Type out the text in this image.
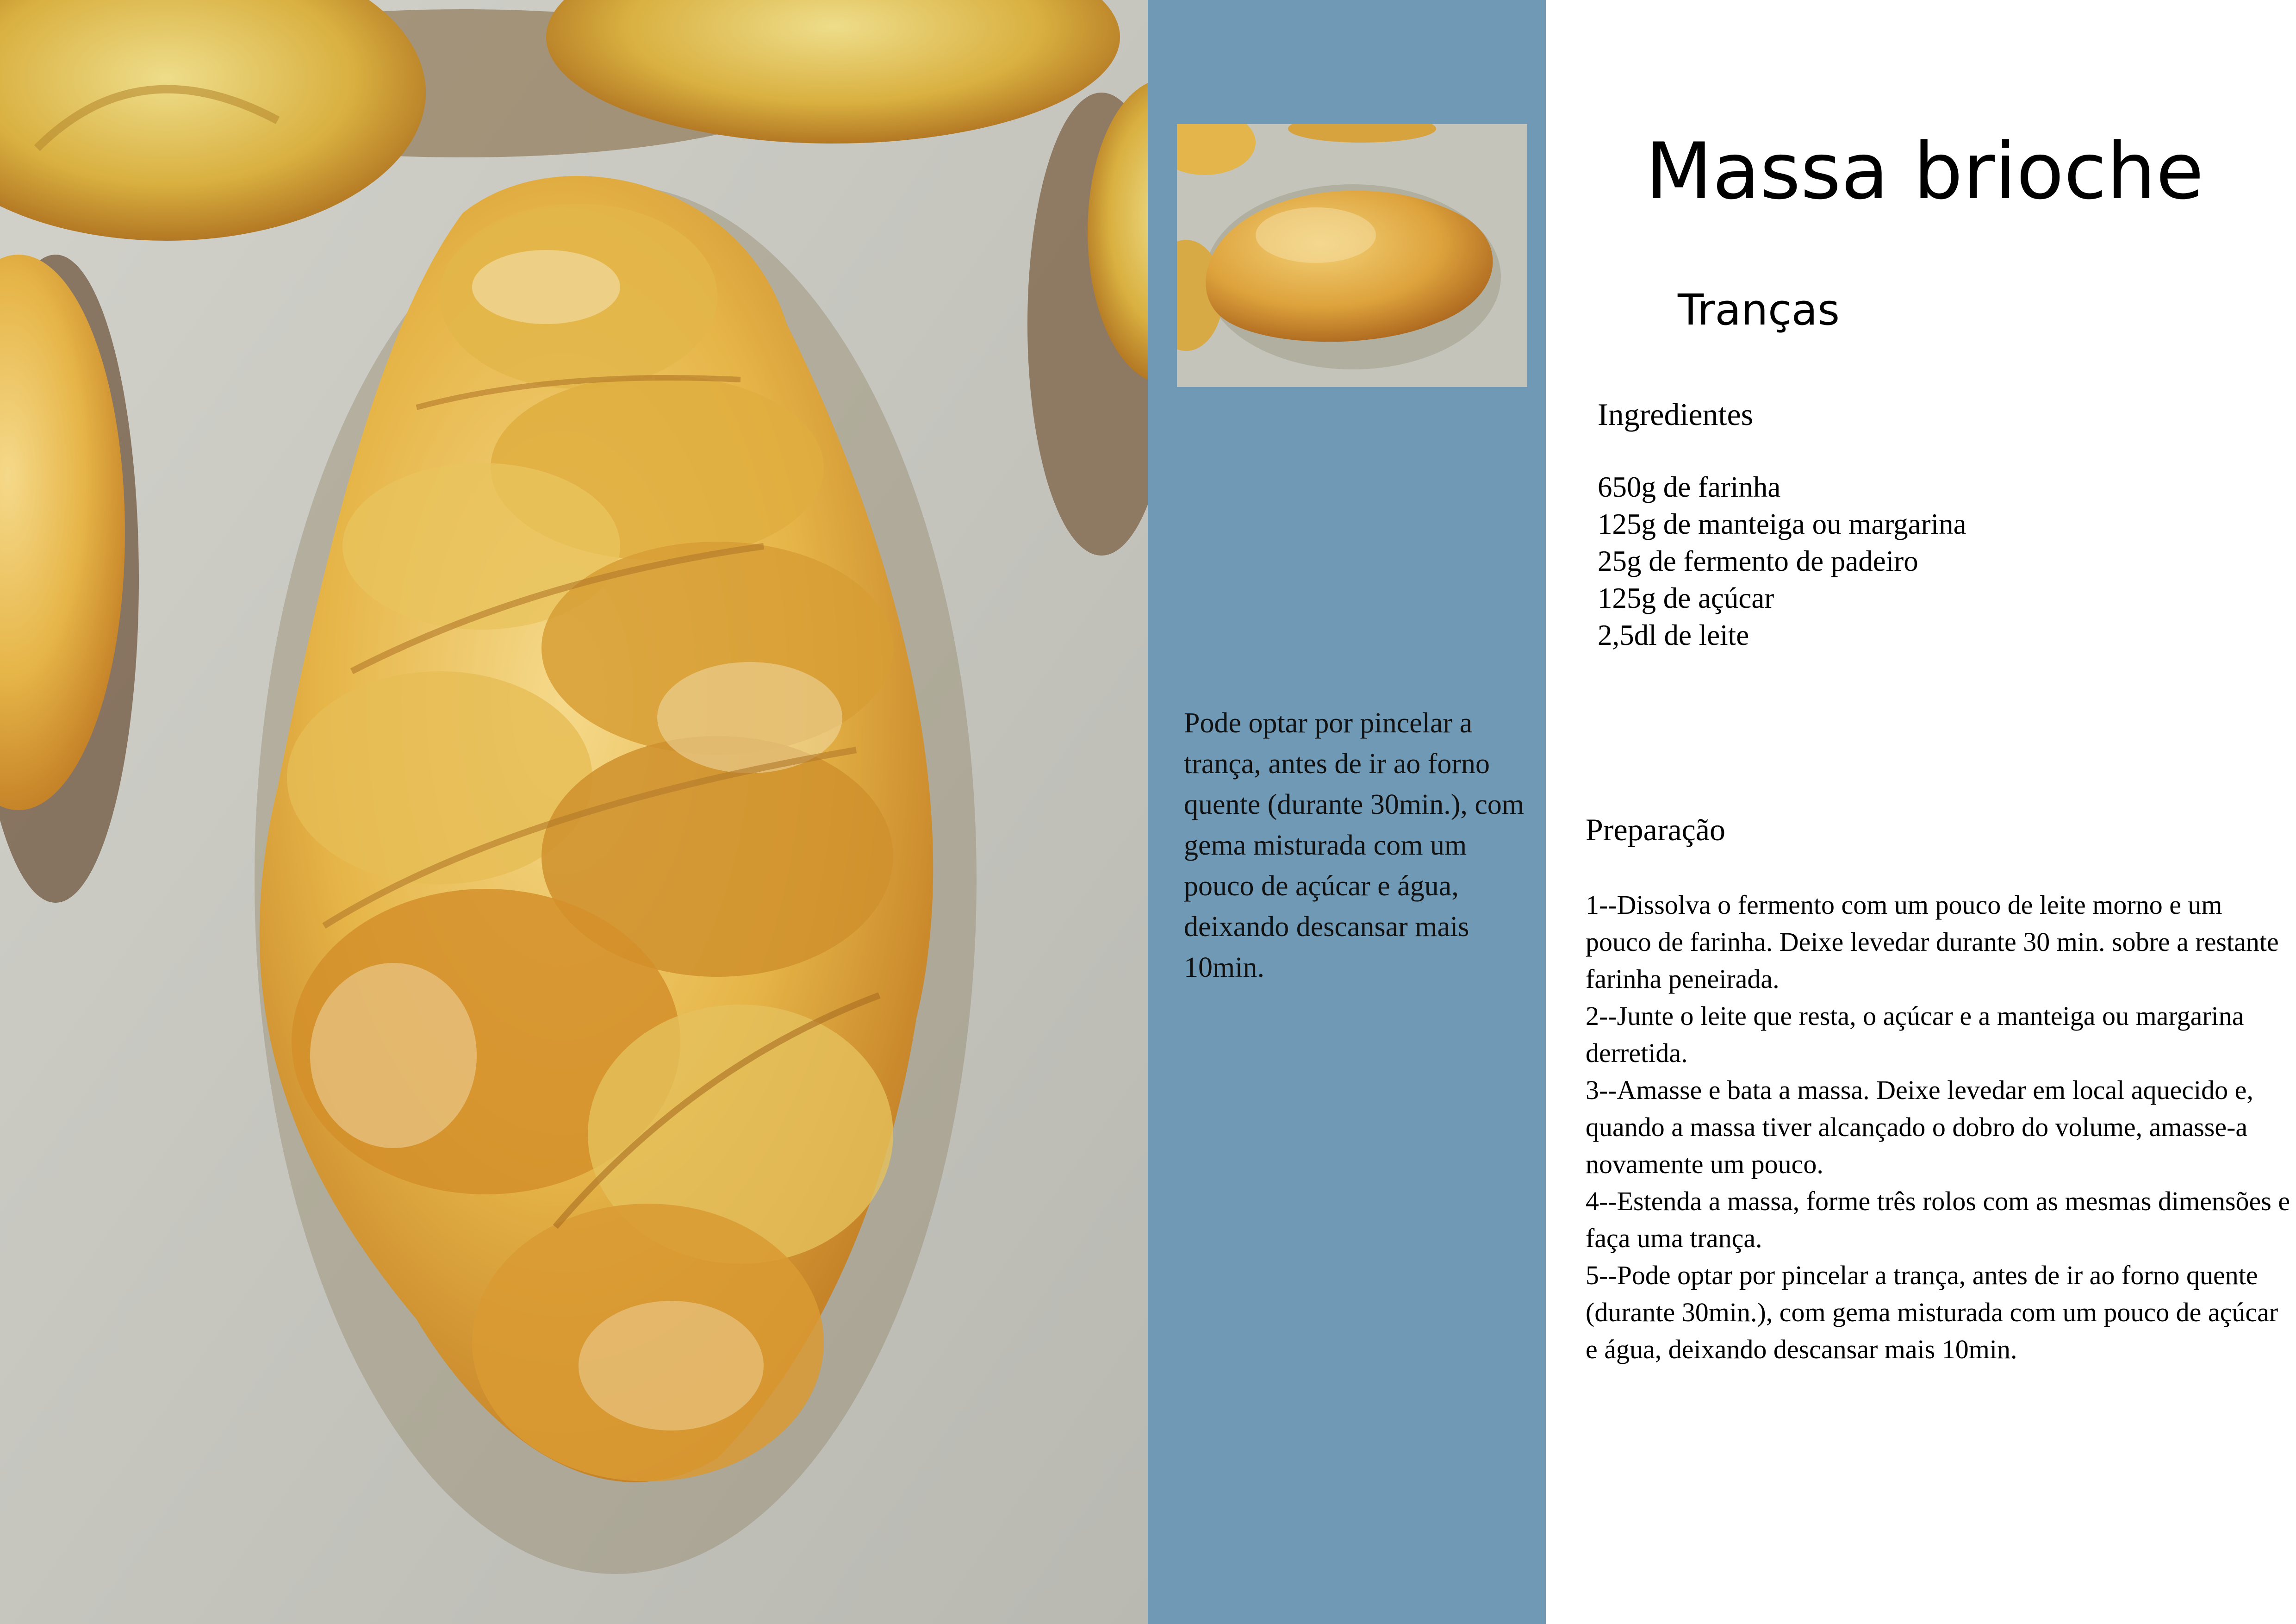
Pode optar por pincelar a trança, antes de ir ao forno quente (durante 30min.), com gema misturada com um pouco de açúcar e água, deixando descansar mais 10min.

Massa brioche
Tranças
Ingredientes
650g de farinha
125g de manteiga ou margarina
25g de fermento de padeiro
125g de açúcar
2,5dl de leite
Preparação
1--Dissolva o fermento com um pouco de leite morno e um pouco de farinha. Deixe levedar durante 30 min. sobre a restante farinha peneirada.
2--Junte o leite que resta, o açúcar e a manteiga ou margarina derretida.
3--Amasse e bata a massa. Deixe levedar em local aquecido e, quando a massa tiver alcançado o dobro do volume, amasse-a novamente um pouco.
4--Estenda a massa, forme três rolos com as mesmas dimensões e faça uma trança.
5--Pode optar por pincelar a trança, antes de ir ao forno quente (durante 30min.), com gema misturada com um pouco de açúcar e água, deixando descansar mais 10min.
